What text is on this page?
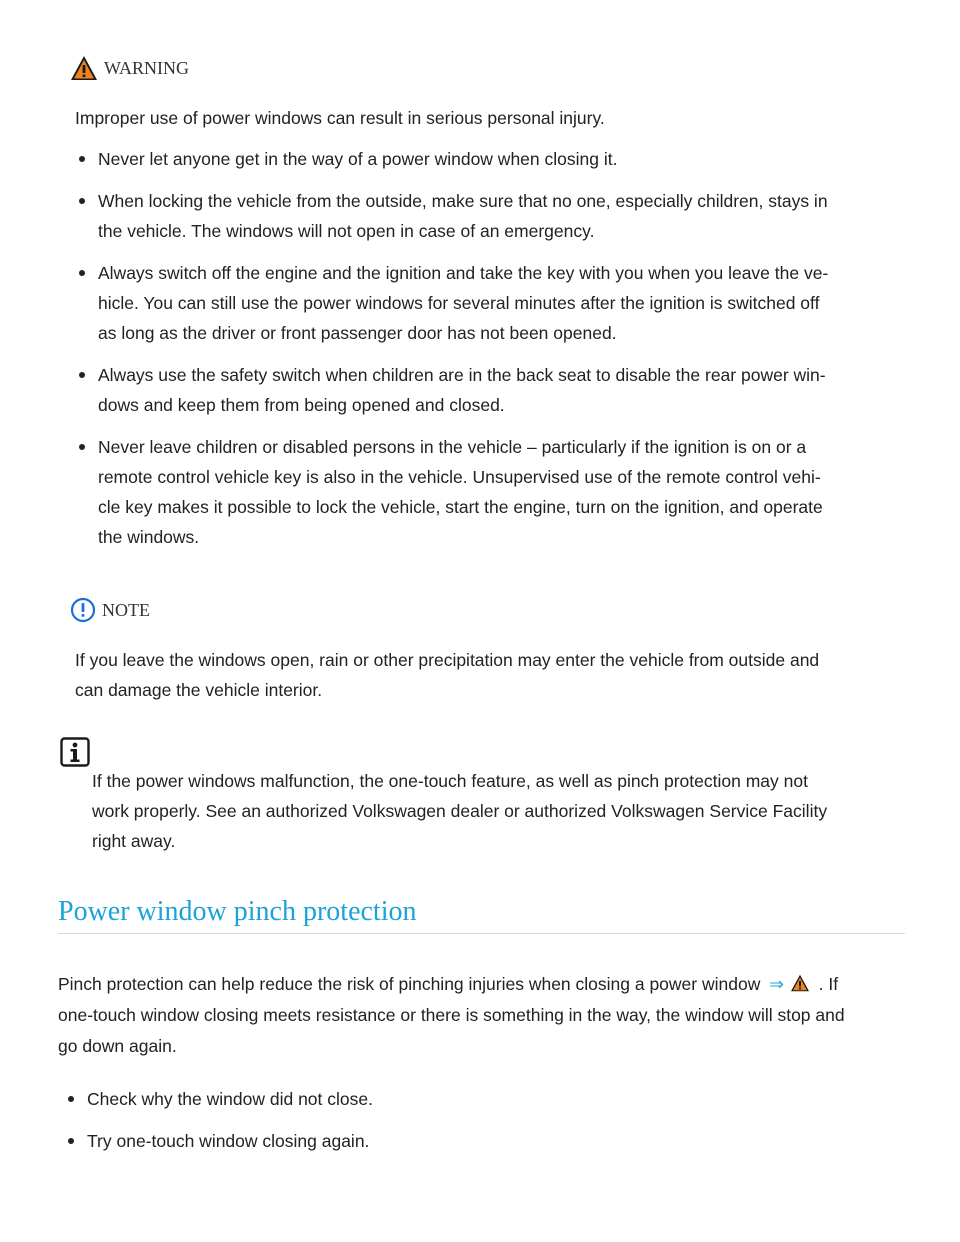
WARNING
Improper use of power windows can result in serious personal injury.
Never let anyone get in the way of a power window when closing it.
When locking the vehicle from the outside, make sure that no one, especially children, stays in
the vehicle. The windows will not open in case of an emergency.
Always switch off the engine and the ignition and take the key with you when you leave the ve-
hicle. You can still use the power windows for several minutes after the ignition is switched off
as long as the driver or front passenger door has not been opened.
Always use the safety switch when children are in the back seat to disable the rear power win-
dows and keep them from being opened and closed.
Never leave children or disabled persons in the vehicle – particularly if the ignition is on or a
remote control vehicle key is also in the vehicle. Unsupervised use of the remote control vehi-
cle key makes it possible to lock the vehicle, start the engine, turn on the ignition, and operate
the windows.
NOTE
If you leave the windows open, rain or other precipitation may enter the vehicle from outside and
can damage the vehicle interior.
If the power windows malfunction, the one-touch feature, as well as pinch protection may not
work properly. See an authorized Volkswagen dealer or authorized Volkswagen Service Facility
right away.
Power window pinch protection
Pinch protection can help reduce the risk of pinching injuries when closing a power window ⇒ . If
one-touch window closing meets resistance or there is something in the way, the window will stop and
go down again.
Check why the window did not close.
Try one-touch window closing again.
